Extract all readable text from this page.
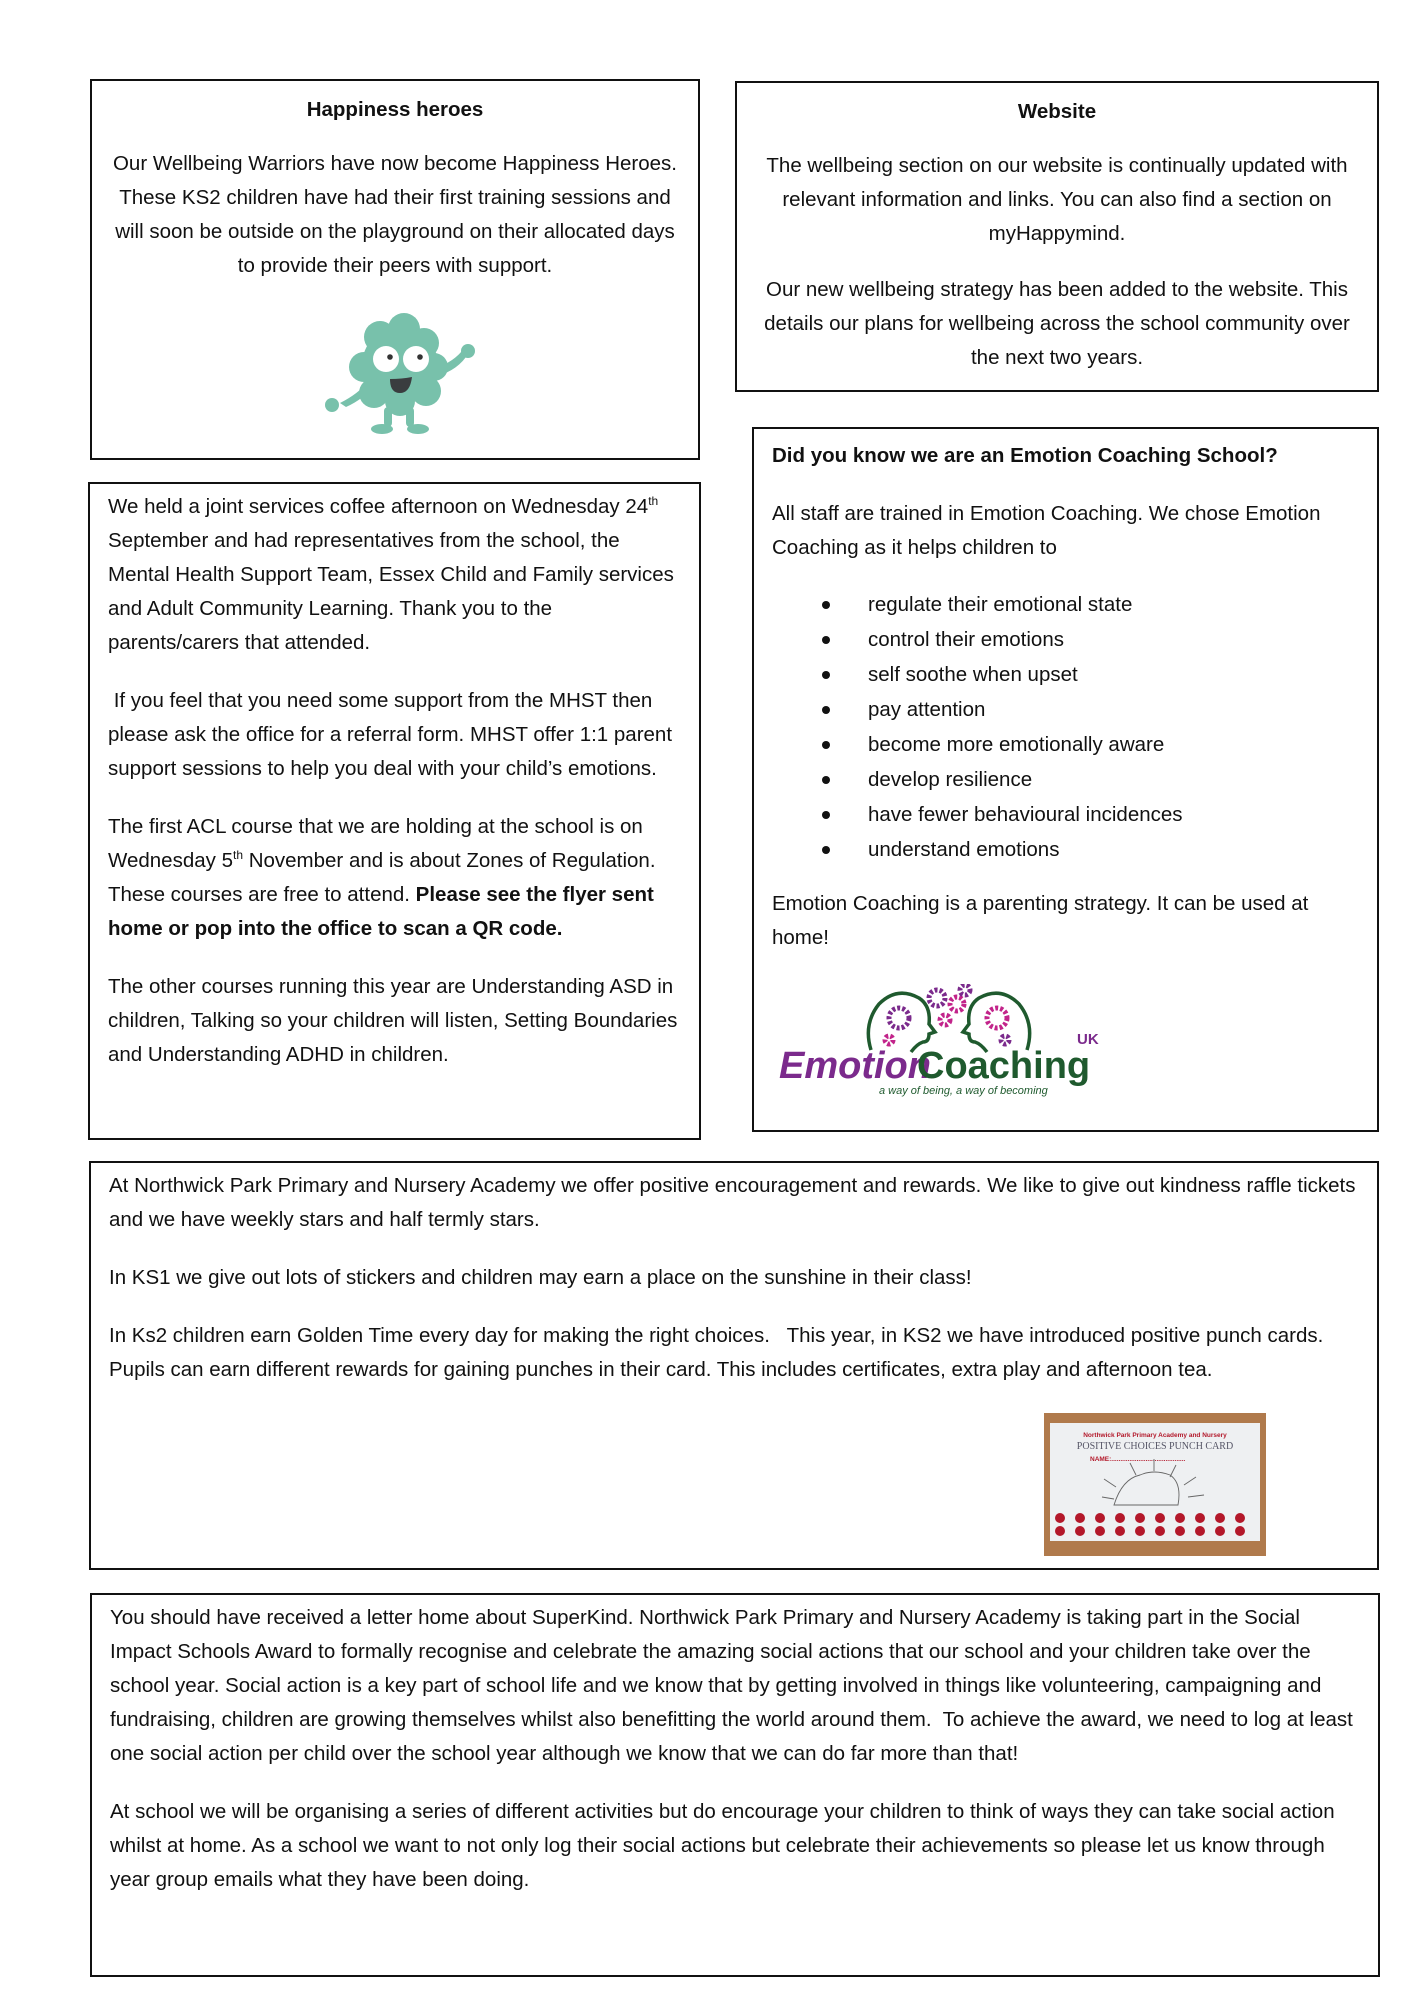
Happiness heroes

Our Wellbeing Warriors have now become Happiness Heroes. These KS2 children have had their first training sessions and will soon be outside on the playground on their allocated days to provide their peers with support.

Website

The wellbeing section on our website is continually updated with relevant information and links. You can also find a section on myHappymind.

Our new wellbeing strategy has been added to the website. This details our plans for wellbeing across the school community over the next two years.

We held a joint services coffee afternoon on Wednesday 24th September and had representatives from the school, the Mental Health Support Team, Essex Child and Family services and Adult Community Learning. Thank you to the parents/carers that attended.

If you feel that you need some support from the MHST then please ask the office for a referral form. MHST offer 1:1 parent support sessions to help you deal with your child’s emotions.

The first ACL course that we are holding at the school is on Wednesday 5th November and is about Zones of Regulation. These courses are free to attend. Please see the flyer sent home or pop into the office to scan a QR code.

The other courses running this year are Understanding ASD in children, Talking so your children will listen, Setting Boundaries and Understanding ADHD in children.

Did you know we are an Emotion Coaching School?

All staff are trained in Emotion Coaching. We chose Emotion Coaching as it helps children to

regulate their emotional state
control their emotions
self soothe when upset
pay attention
become more emotionally aware
develop resilience
have fewer behavioural incidences
understand emotions

Emotion Coaching is a parenting strategy. It can be used at home!

Emotion
Coaching
UK
a way of being, a way of becoming

At Northwick Park Primary and Nursery Academy we offer positive encouragement and rewards. We like to give out kindness raffle tickets and we have weekly stars and half termly stars.

In KS1 we give out lots of stickers and children may earn a place on the sunshine in their class!

In Ks2 children earn Golden Time every day for making the right choices.   This year, in KS2 we have introduced positive punch cards. Pupils can earn different rewards for gaining punches in their card. This includes certificates, extra play and afternoon tea.

Northwick Park Primary Academy and Nursery
POSITIVE CHOICES PUNCH CARD
NAME:.........................................

You should have received a letter home about SuperKind. Northwick Park Primary and Nursery Academy is taking part in the Social Impact Schools Award to formally recognise and celebrate the amazing social actions that our school and your children take over the school year. Social action is a key part of school life and we know that by getting involved in things like volunteering, campaigning and fundraising, children are growing themselves whilst also benefitting the world around them.  To achieve the award, we need to log at least one social action per child over the school year although we know that we can do far more than that!

At school we will be organising a series of different activities but do encourage your children to think of ways they can take social action whilst at home. As a school we want to not only log their social actions but celebrate their achievements so please let us know through year group emails what they have been doing.
